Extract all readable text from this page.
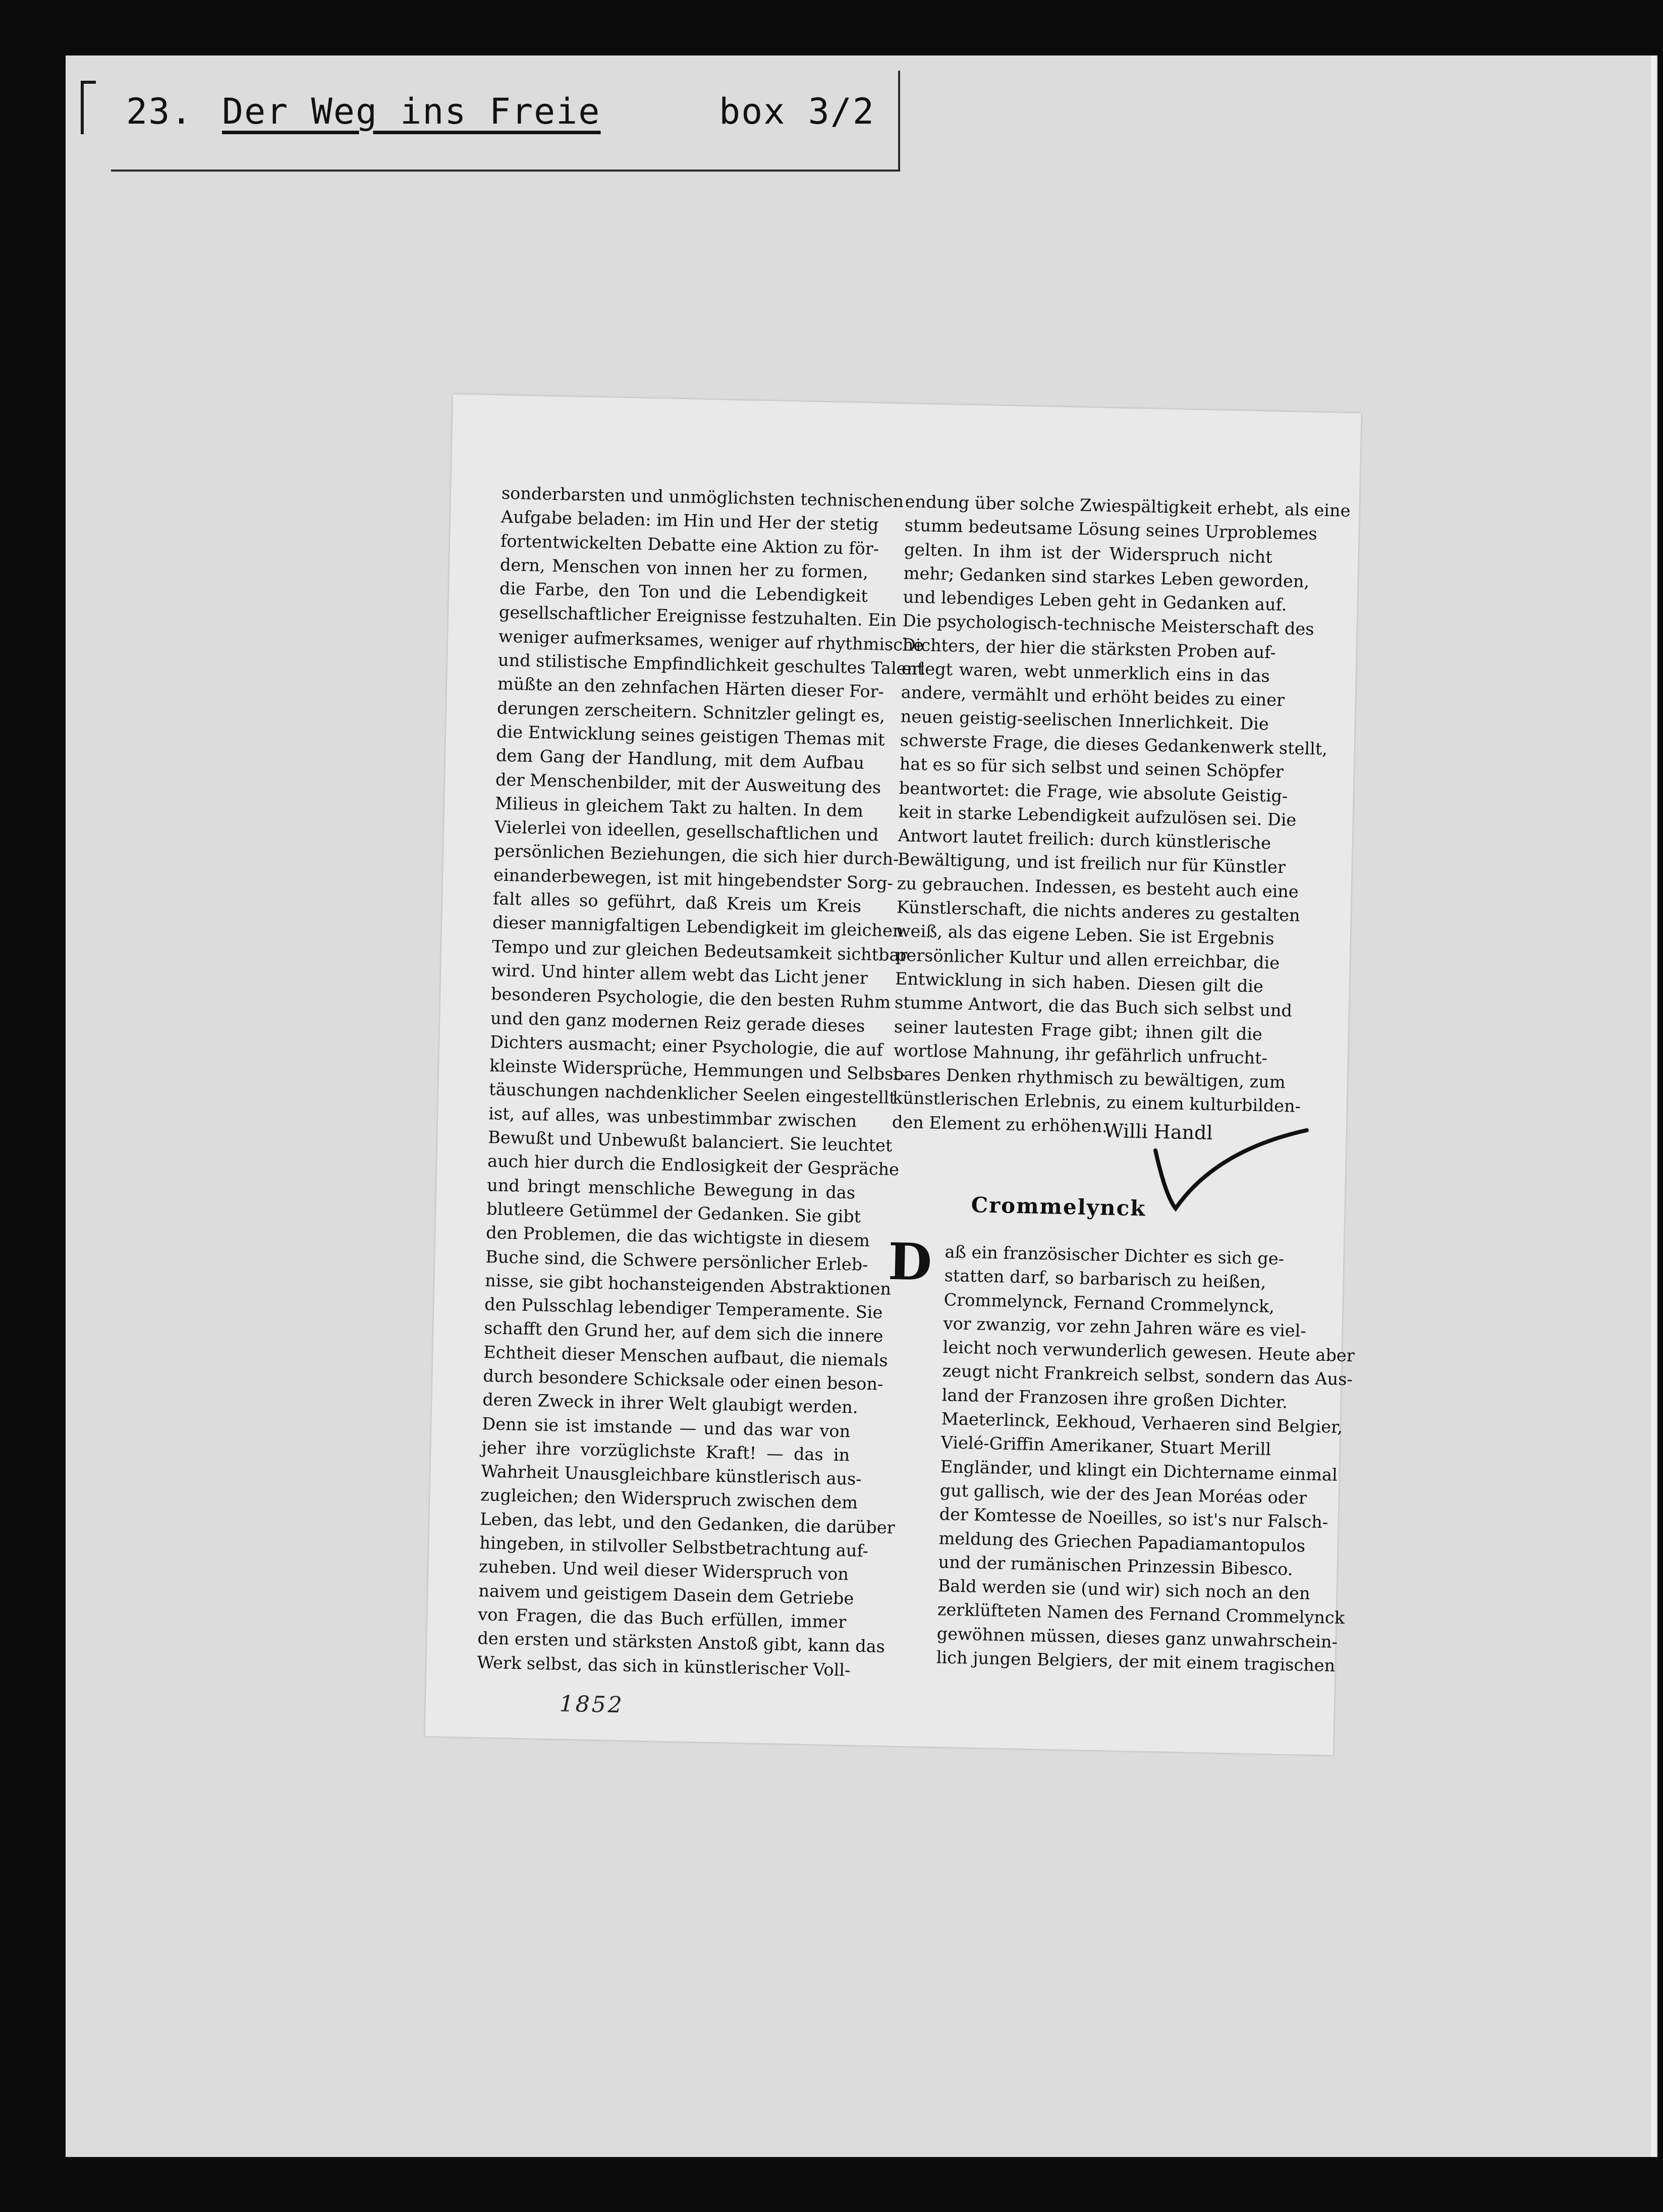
23. Der Weg ins Freie	box 3/2
sonderbarsten und unmöglichsten technischen
Aufgabe beladen: im Hin und Her der stetig
fortentwickelten Debatte eine Aktion zu för-
dern, Menschen von innen her zu formen,
die Farbe, den Ton und die Lebendigkeit
gesellschaftlicher Ereignisse festzuhalten. Ein
weniger aufmerksames, weniger auf rhythmische
und stilistische Empfindlichkeit geschultes Talent
müßte an den zehnfachen Härten dieser For-
derungen zerscheitern. Schnitzler gelingt es,
die Entwicklung seines geistigen Themas mit
dem Gang der Handlung, mit dem Aufbau
der Menschenbilder, mit der Ausweitung des
Milieus in gleichem Takt zu halten. In dem
Vielerlei von ideellen, gesellschaftlichen und
persönlichen Beziehungen, die sich hier durch-
einanderbewegen, ist mit hingebendster Sorg-
falt alles so geführt, daß Kreis um Kreis
dieser mannigfaltigen Lebendigkeit im gleichen
Tempo und zur gleichen Bedeutsamkeit sichtbar
wird. Und hinter allem webt das Licht jener
besonderen Psychologie, die den besten Ruhm
und den ganz modernen Reiz gerade dieses
Dichters ausmacht; einer Psychologie, die auf
kleinste Widersprüche, Hemmungen und Selbst-
täuschungen nachdenklicher Seelen eingestellt
ist, auf alles, was unbestimmbar zwischen
Bewußt und Unbewußt balanciert. Sie leuchtet
auch hier durch die Endlosigkeit der Gespräche
und bringt menschliche Bewegung in das
blutleere Getümmel der Gedanken. Sie gibt
den Problemen, die das wichtigste in diesem
Buche sind, die Schwere persönlicher Erleb-
nisse, sie gibt hochansteigenden Abstraktionen
den Pulsschlag lebendiger Temperamente. Sie
schafft den Grund her, auf dem sich die innere
Echtheit dieser Menschen aufbaut, die niemals
durch besondere Schicksale oder einen beson-
deren Zweck in ihrer Welt glaubigt werden.
Denn sie ist imstande — und das war von
jeher ihre vorzüglichste Kraft! — das in
Wahrheit Unausgleichbare künstlerisch aus-
zugleichen; den Widerspruch zwischen dem
Leben, das lebt, und den Gedanken, die darüber
hingeben, in stilvoller Selbstbetrachtung auf-
zuheben. Und weil dieser Widerspruch von
naivem und geistigem Dasein dem Getriebe
von Fragen, die das Buch erfüllen, immer
den ersten und stärksten Anstoß gibt, kann das
Werk selbst, das sich in künstlerischer Voll-
endung über solche Zwiespältigkeit erhebt, als eine
stumm bedeutsame Lösung seines Urproblemes
gelten. In ihm ist der Widerspruch nicht
mehr; Gedanken sind starkes Leben geworden,
und lebendiges Leben geht in Gedanken auf.
Die psychologisch-technische Meisterschaft des
Dichters, der hier die stärksten Proben auf-
erlegt waren, webt unmerklich eins in das
andere, vermählt und erhöht beides zu einer
neuen geistig-seelischen Innerlichkeit. Die
schwerste Frage, die dieses Gedankenwerk stellt,
hat es so für sich selbst und seinen Schöpfer
beantwortet: die Frage, wie absolute Geistig-
keit in starke Lebendigkeit aufzulösen sei. Die
Antwort lautet freilich: durch künstlerische
Bewältigung, und ist freilich nur für Künstler
zu gebrauchen. Indessen, es besteht auch eine
Künstlerschaft, die nichts anderes zu gestalten
weiß, als das eigene Leben. Sie ist Ergebnis
persönlicher Kultur und allen erreichbar, die
Entwicklung in sich haben. Diesen gilt die
stumme Antwort, die das Buch sich selbst und
seiner lautesten Frage gibt; ihnen gilt die
wortlose Mahnung, ihr gefährlich unfrucht-
bares Denken rhythmisch zu bewältigen, zum
künstlerischen Erlebnis, zu einem kulturbilden-
den Element zu erhöhen.
Willi Handl
Crommelynck
D aß ein französischer Dichter es sich ge-
statten darf, so barbarisch zu heißen,
Crommelynck, Fernand Crommelynck,
vor zwanzig, vor zehn Jahren wäre es viel-
leicht noch verwunderlich gewesen. Heute aber
zeugt nicht Frankreich selbst, sondern das Aus-
land der Franzosen ihre großen Dichter.
Maeterlinck, Eekhoud, Verhaeren sind Belgier,
Vielé-Griffin Amerikaner, Stuart Merill
Engländer, und klingt ein Dichtername einmal
gut gallisch, wie der des Jean Moréas oder
der Komtesse de Noeilles, so ist's nur Falsch-
meldung des Griechen Papadiamantopulos
und der rumänischen Prinzessin Bibesco.
Bald werden sie (und wir) sich noch an den
zerklüfteten Namen des Fernand Crommelynck
gewöhnen müssen, dieses ganz unwahrschein-
lich jungen Belgiers, der mit einem tragischen
1852
